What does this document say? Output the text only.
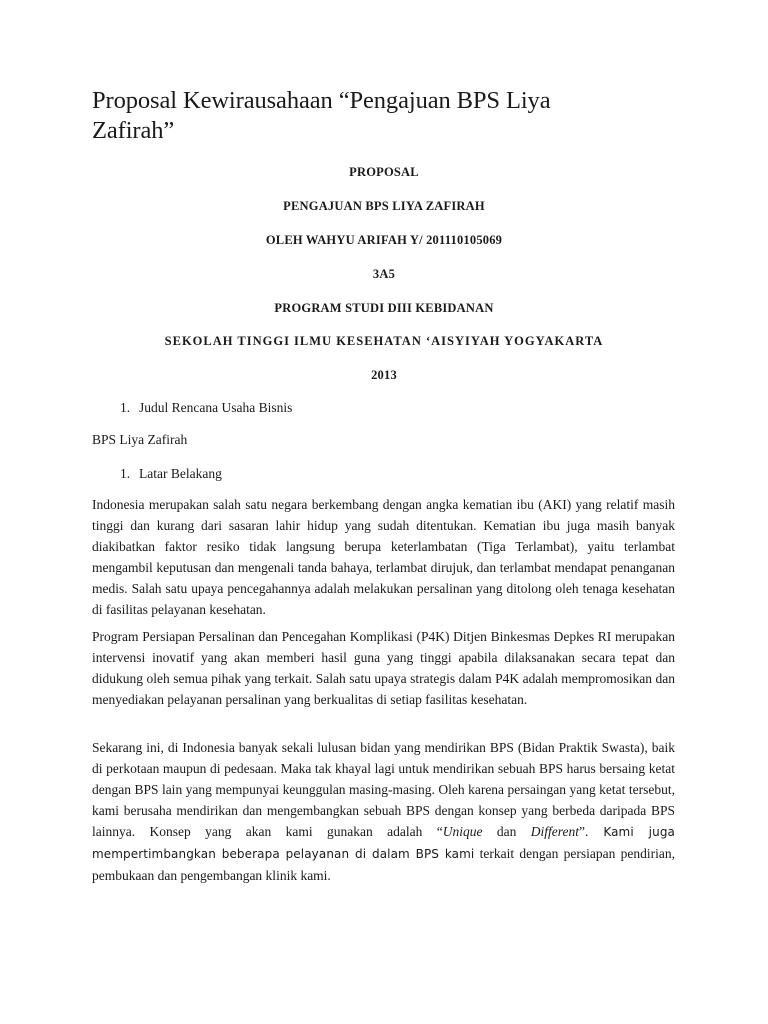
Proposal Kewirausahaan “Pengajuan BPS Liya Zafirah”
PROPOSAL
PENGAJUAN BPS LIYA ZAFIRAH
OLEH WAHYU ARIFAH Y/ 201110105069
3A5
PROGRAM STUDI DIII KEBIDANAN
SEKOLAH TINGGI ILMU KESEHATAN ‘AISYIYAH YOGYAKARTA
2013
1. Judul Rencana Usaha Bisnis
BPS Liya Zafirah
1. Latar Belakang

Indonesia merupakan salah satu negara berkembang dengan angka kematian ibu (AKI) yang relatif masih tinggi dan kurang dari sasaran lahir hidup yang sudah ditentukan. Kematian ibu juga masih banyak diakibatkan faktor resiko tidak langsung berupa keterlambatan (Tiga Terlambat), yaitu terlambat mengambil keputusan dan mengenali tanda bahaya, terlambat dirujuk, dan terlambat mendapat penanganan medis. Salah satu upaya pencegahannya adalah melakukan persalinan yang ditolong oleh tenaga kesehatan di fasilitas pelayanan kesehatan.

Program Persiapan Persalinan dan Pencegahan Komplikasi (P4K) Ditjen Binkesmas Depkes RI merupakan intervensi inovatif yang akan memberi hasil guna yang tinggi apabila dilaksanakan secara tepat dan didukung oleh semua pihak yang terkait. Salah satu upaya strategis dalam P4K adalah mempromosikan dan menyediakan pelayanan persalinan yang berkualitas di setiap fasilitas kesehatan.

Sekarang ini, di Indonesia banyak sekali lulusan bidan yang mendirikan BPS (Bidan Praktik Swasta), baik di perkotaan maupun di pedesaan. Maka tak khayal lagi untuk mendirikan sebuah BPS harus bersaing ketat dengan BPS lain yang mempunyai keunggulan masing-masing. Oleh karena persaingan yang ketat tersebut, kami berusaha mendirikan dan mengembangkan sebuah BPS dengan konsep yang berbeda daripada BPS lainnya. Konsep yang akan kami gunakan adalah “Unique dan Different”. Kami juga mempertimbangkan beberapa pelayanan di dalam BPS kami terkait dengan persiapan pendirian, pembukaan dan pengembangan klinik kami.
